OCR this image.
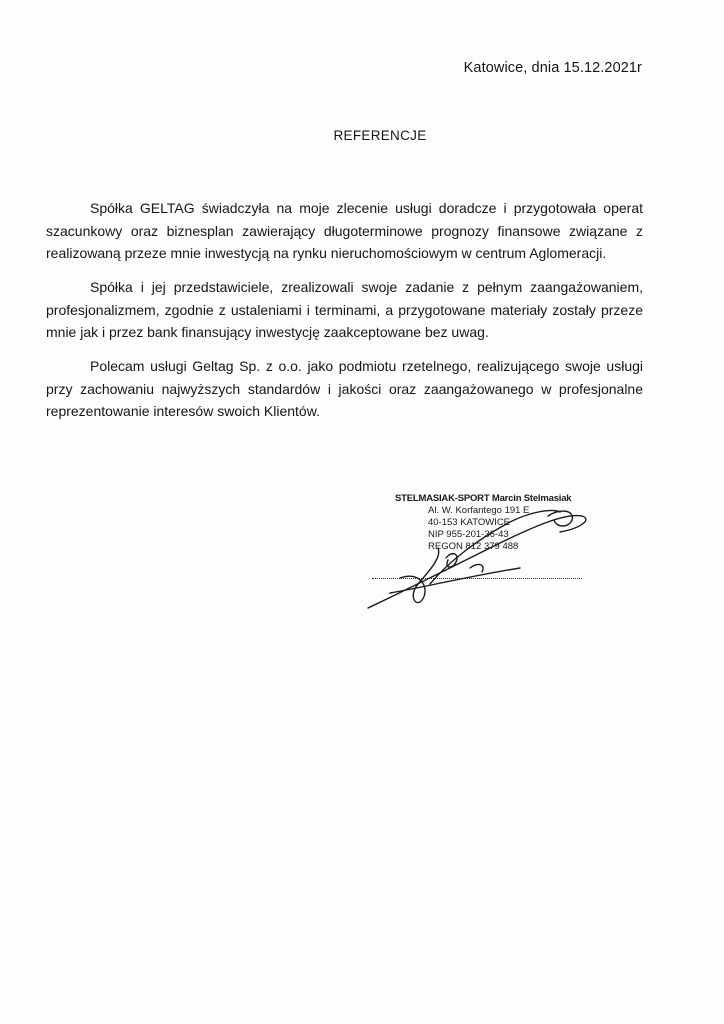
Katowice, dnia 15.12.2021r
REFERENCJE

Spółka GELTAG świadczyła na moje zlecenie usługi doradcze i przygotowała operat szacunkowy oraz biznesplan zawierający długoterminowe prognozy finansowe związane z realizowaną przeze mnie inwestycją na rynku nieruchomościowym w centrum Aglomeracji.

Spółka i jej przedstawiciele, zrealizowali swoje zadanie z pełnym zaangażowaniem, profesjonalizmem, zgodnie z ustaleniami i terminami, a przygotowane materiały zostały przeze mnie jak i przez bank finansujący inwestycję zaakceptowane bez uwag.

Polecam usługi Geltag Sp. z o.o. jako podmiotu rzetelnego, realizującego swoje usługi przy zachowaniu najwyższych standardów i jakości oraz zaangażowanego w profesjonalne reprezentowanie interesów swoich Klientów.

STELMASIAK-SPORT Marcin Stelmasiak
Al. W. Korfantego 191 E
40-153 KATOWICE
NIP 955-201-36-43
REGON 812 379 488
